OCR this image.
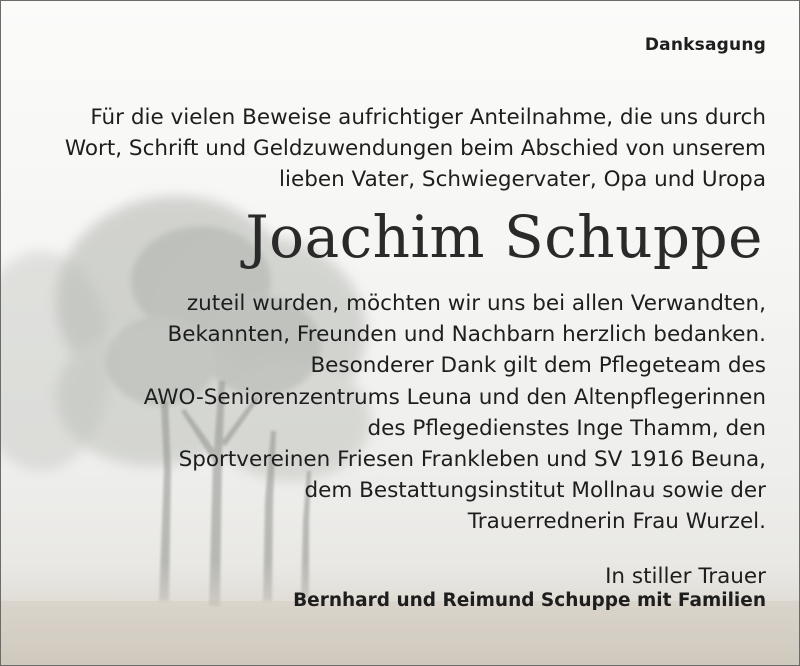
Danksagung
Für die vielen Beweise aufrichtiger Anteilnahme, die uns durch
Wort, Schrift und Geldzuwendungen beim Abschied von unserem
lieben Vater, Schwiegervater, Opa und Uropa
Joachim Schuppe
zuteil wurden, möchten wir uns bei allen Verwandten,
Bekannten, Freunden und Nachbarn herzlich bedanken.
Besonderer Dank gilt dem Pflegeteam des
AWO-Seniorenzentrums Leuna und den Altenpflegerinnen
des Pflegedienstes Inge Thamm, den
Sportvereinen Friesen Frankleben und SV 1916 Beuna,
dem Bestattungsinstitut Mollnau sowie der
Trauerrednerin Frau Wurzel.
In stiller Trauer
Bernhard und Reimund Schuppe mit Familien
